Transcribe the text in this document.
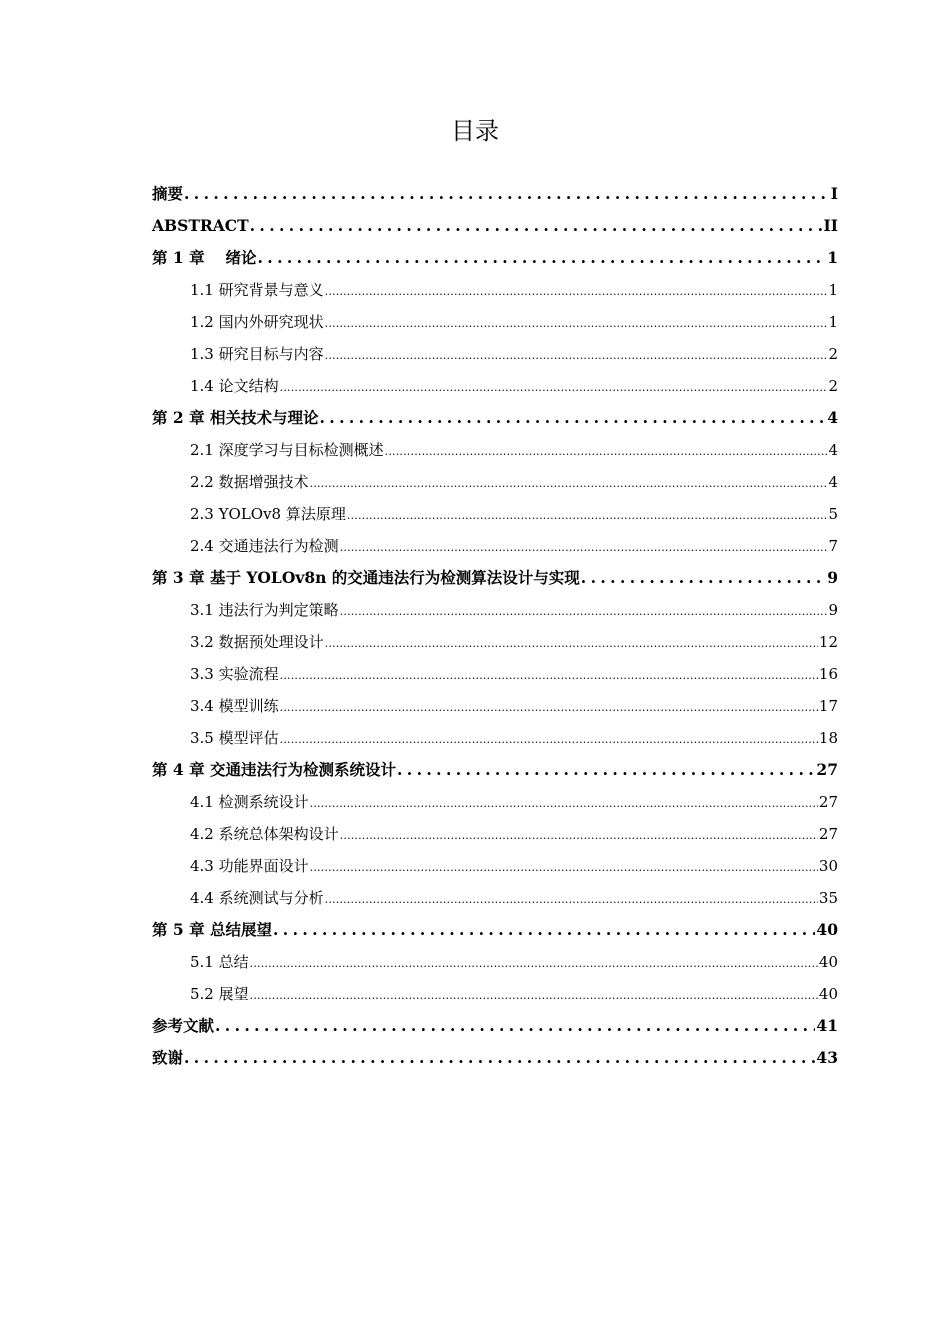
目录
摘要 . . .	I
ABSTRACT . . .	II
第 1 章　 绪论 . . .	1
1.1 研究背景与意义 .....	1
1.2 国内外研究现状 .....	1
1.3 研究目标与内容 .....	2
1.4 论文结构 .....	2
第 2 章 相关技术与理论 . . .	4
2.1 深度学习与目标检测概述 .....	4
2.2 数据增强技术 .....	4
2.3 YOLOv8 算法原理 .....	5
2.4 交通违法行为检测 .....	7
第 3 章 基于 YOLOv8n 的交通违法行为检测算法设计与实现 . . .	9
3.1 违法行为判定策略 .....	9
3.2 数据预处理设计 .....	12
3.3 实验流程 .....	16
3.4 模型训练 .....	17
3.5 模型评估 .....	18
第 4 章 交通违法行为检测系统设计 . . .	27
4.1 检测系统设计 .....	27
4.2 系统总体架构设计 .....	27
4.3 功能界面设计 .....	30
4.4 系统测试与分析 .....	35
第 5 章 总结展望 . . .	40
5.1 总结 .....	40
5.2 展望 .....	40
参考文献 . . .	41
致谢 . . .	43
